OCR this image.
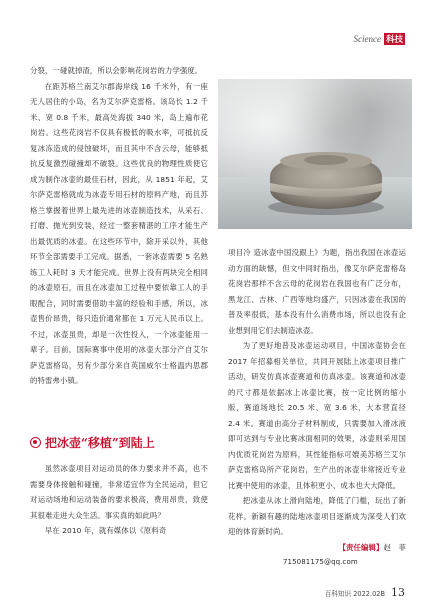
Science 科技

分裂，一碰就掉渣，所以会影响花岗岩的力学强度。

在距苏格兰南艾尔郡海岸线 16 千米外，有一座无人居住的小岛，名为艾尔萨克雷格。该岛长 1.2 千米、宽 0.8 千米，最高处海拔 340 米，岛上遍布花岗岩。这些花岗岩不仅具有极低的吸水率，可抵抗反复冰冻造成的侵蚀破坏，而且其中不含云母，能够抵抗反复激烈碰撞却不破裂。这些优良的物理性质使它成为制作冰壶的最佳石材，因此，从 1851 年起，艾尔萨克雷格就成为冰壶专用石材的原料产地，而且苏格兰掌握着世界上最先进的冰壶制造技术，从采石、打磨、抛光到安装，经过一整套精湛的工序才能生产出最优质的冰壶。在这些环节中，除开采以外，其他环节全部需要手工完成。据悉，一套冰壶需要 5 名熟练工人耗时 3 天才能完成。世界上没有两块完全相同的冰壶原石，而且在冰壶加工过程中要依靠工人的手眼配合，同时需要借助丰富的经验和手感，所以，冰壶售价昂贵，每只造价通常都在 1 万元人民币以上。不过，冰壶虽贵，却是一次性投入，一个冰壶能用一辈子。目前，国际赛事中使用的冰壶大部分产自艾尔萨克雷格岛，另有少部分来自英国威尔士格温内思郡的特雷弗小镇。

项目冷 造冰壶中国没跟上》为题，指出我国在冰壶运动方面的缺憾，但文中同时指出，像艾尔萨克雷格岛花岗岩那样不含云母的花岗岩在我国也有广泛分布，黑龙江、吉林、广西等地均盛产，只因冰壶在我国的普及率很低，基本没有什么消费市场，所以也没有企业想到用它们去制造冰壶。

为了更好地普及冰壶运动项目，中国冰壶协会在 2017 年招募相关单位，共同开展陆上冰壶项目推广活动，研发仿真冰壶赛道和仿真冰壶。该赛道和冰壶的尺寸都是依据冰上冰壶比赛，按一定比例的缩小版，赛道场地长 20.5 米、宽 3.6 米，大本营直径 2.4 米。赛道由高分子材料制成，只需要加入滑冰液即可达到与专业比赛冰面相同的效果，冰壶则采用国内优质花岗岩为原料，其性能指标可媲美苏格兰艾尔萨克雷格岛所产花岗岩，生产出的冰壶非常接近专业比赛中使用的冰壶，且体积更小、成本也大大降低。

把冰壶从冰上滑向陆地，降低了门槛，玩出了新花样。新颖有趣的陆地冰壶项目逐渐成为深受人们欢迎的体育新时尚。

【责任编辑】赵　菲
715081175@qq.com
把冰壶“移植”到陆上

虽然冰壶项目对运动员的体力要求并不高，也不需要身体接触和碰撞，非常适宜作为全民运动，但它对运动场地和运动装备的要求极高，费用昂贵，致使其很难走进大众生活。事实真的如此吗？

早在 2010 年，就有媒体以《原料奇

百科知识 2022.02B 13
